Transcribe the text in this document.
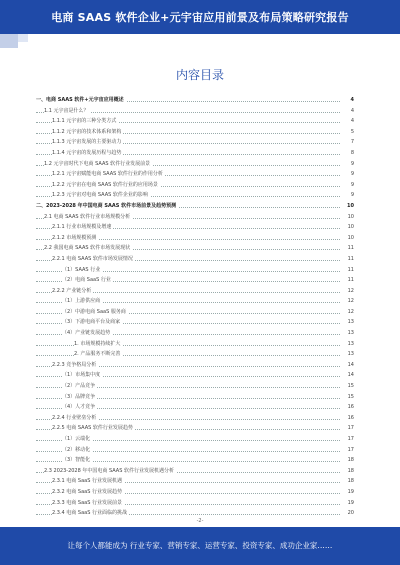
电商 SAAS 软件企业+元宇宙应用前景及布局策略研究报告
内容目录
一、电商 SAAS 软件+元宇宙应用概述	4
1.1 元宇宙是什么？	4
1.1.1 元宇宙的三种分类方式	4
1.1.2 元宇宙的技术体系和架构	5
1.1.3 元宇宙发展的主要驱动力	7
1.1.4 元宇宙的发展历程与趋势	8
1.2 元宇宙时代下电商 SAAS 软件行业发展前景	9
1.2.1 元宇宙赋能电商 SAAS 软件行业的作用分析	9
1.2.2 元宇宙在电商 SAAS 软件行业的应用场景	9
1.2.3 元宇宙对电商 SAAS 软件企业的影响	9
二、2023-2028 年中国电商 SAAS 软件市场前景及趋势预测	10
2.1 电商 SAAS 软件行业市场规模分析	10
2.1.1 行业市场规模及增速	10
2.1.2 市场规模预测	10
2.2 我国电商 SAAS 软件市场发展现状	11
2.2.1 电商 SAAS 软件市场发展情况	11
（1）SAAS 行业	11
（2）电商 SaaS 行业	11
2.2.2 产业链分析	12
（1）上游供应商	12
（2）中游电商 SaaS 服务商	12
（3）下游电商平台及商家	13
（4）产业链发展趋势	13
1. 市场规模持续扩大	13
2. 产品服务不断完善	13
2.2.3 竞争格局分析	14
（1）市场集中度	14
（2）产品竞争	15
（3）品牌竞争	15
（4）人才竞争	16
2.2.4 行业壁垒分析	16
2.2.5 电商 SAAS 软件行业发展趋势	17
（1）云端化	17
（2）移动化	17
（3）智能化	18
2.3 2023-2028 年中国电商 SAAS 软件行业发展机遇分析	18
2.3.1 电商 SaaS 行业发展机遇	18
2.3.2 电商 SaaS 行业发展趋势	19
2.3.3 电商 SaaS 行业发展前景	19
2.3.4 电商 SaaS 行业面临的挑战	20
-2-
让每个人都能成为 行业专家、营销专家、运营专家、投资专家、成功企业家……
